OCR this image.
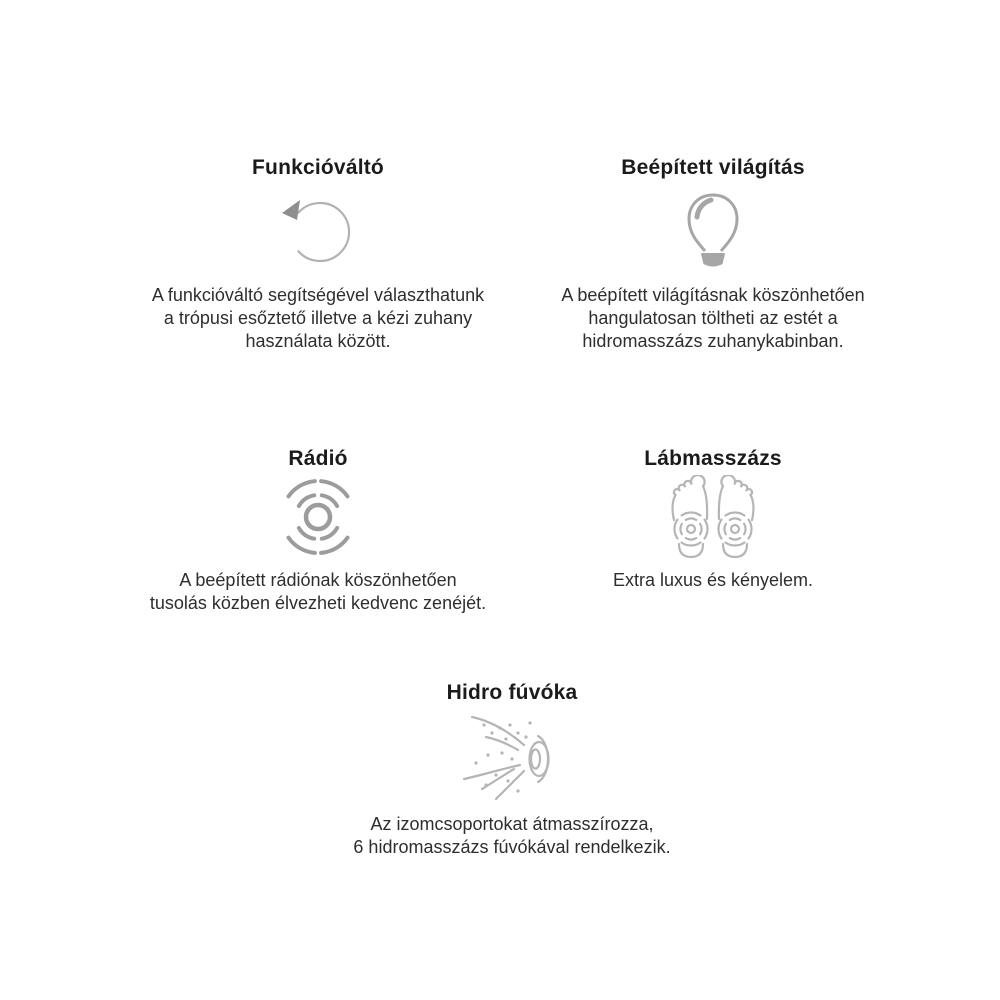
Funkcióváltó
A funkcióváltó segítségével választhatunk
a trópusi esőztető illetve a kézi zuhany
használata között.
Beépített világítás
A beépített világításnak köszönhetően
hangulatosan töltheti az estét a
hidromasszázs zuhanykabinban.
Rádió
A beépített rádiónak köszönhetően
tusolás közben élvezheti kedvenc zenéjét.
Lábmasszázs
Extra luxus és kényelem.
Hidro fúvóka
Az izomcsoportokat átmasszírozza,
6 hidromasszázs fúvókával rendelkezik.
